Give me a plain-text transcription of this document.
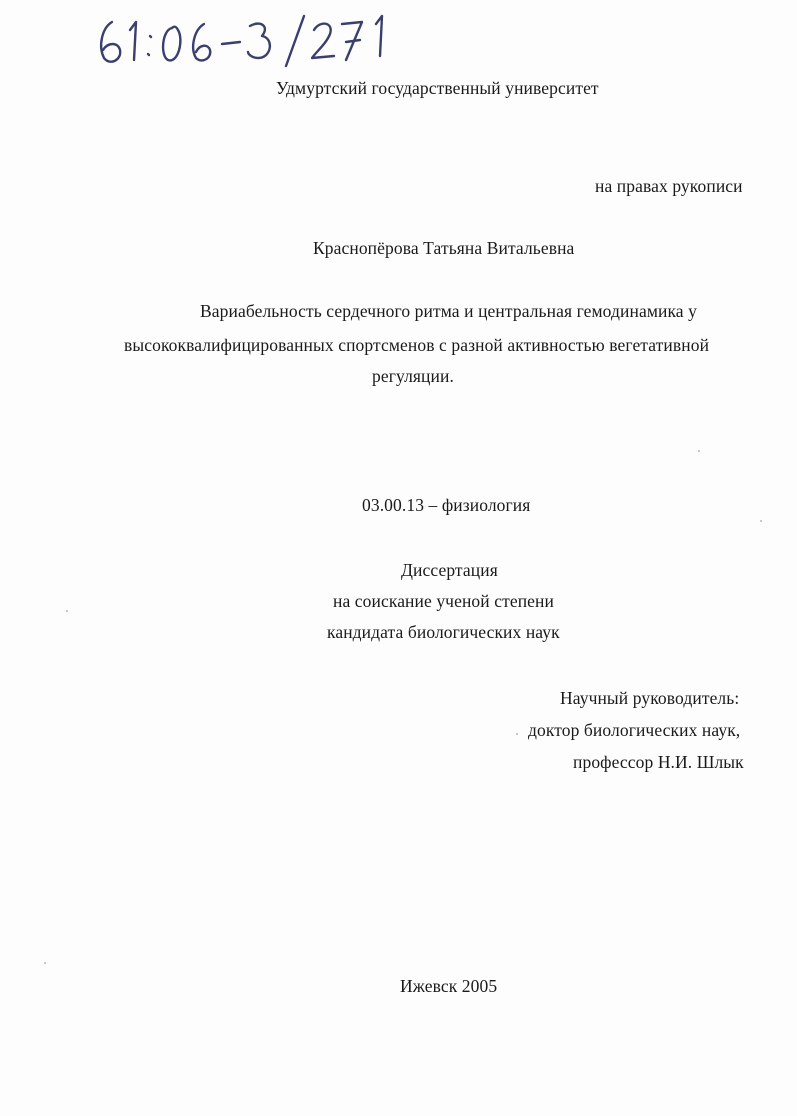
Удмуртский государственный университет
на правах рукописи
Краснопёрова Татьяна Витальевна
Вариабельность сердечного ритма и центральная гемодинамика у
высококвалифицированных спортсменов с разной активностью вегетативной
регуляции.
03.00.13 – физиология
Диссертация
на соискание ученой степени
кандидата биологических наук
Научный руководитель:
доктор биологических наук,
профессор Н.И. Шлык
Ижевск 2005
